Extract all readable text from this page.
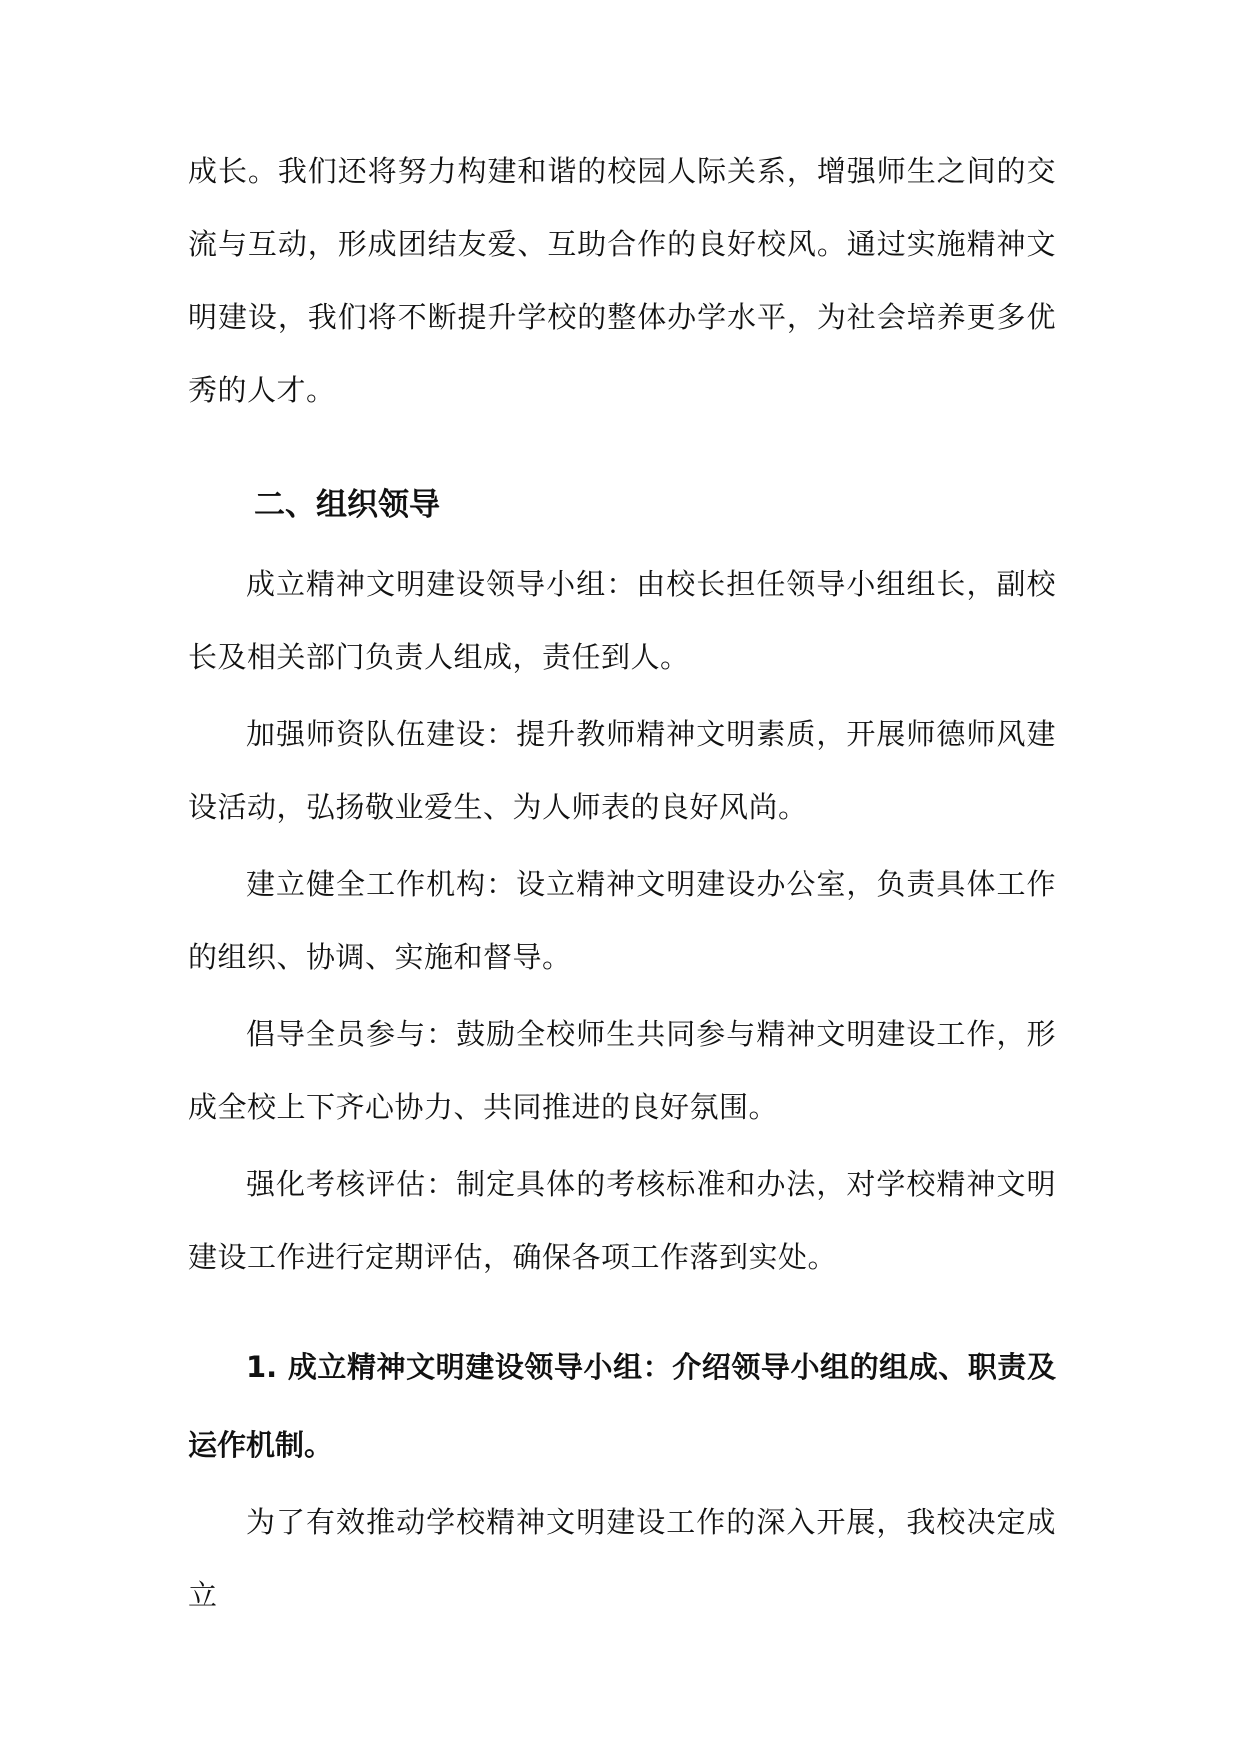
成长。我们还将努力构建和谐的校园人际关系，增强师生之间的交流与互动，形成团结友爱、互助合作的良好校风。通过实施精神文明建设，我们将不断提升学校的整体办学水平，为社会培养更多优秀的人才。

二、组织领导

成立精神文明建设领导小组：由校长担任领导小组组长，副校长及相关部门负责人组成，责任到人。

加强师资队伍建设：提升教师精神文明素质，开展师德师风建设活动，弘扬敬业爱生、为人师表的良好风尚。

建立健全工作机构：设立精神文明建设办公室，负责具体工作的组织、协调、实施和督导。

倡导全员参与：鼓励全校师生共同参与精神文明建设工作，形成全校上下齐心协力、共同推进的良好氛围。

强化考核评估：制定具体的考核标准和办法，对学校精神文明建设工作进行定期评估，确保各项工作落到实处。

1. 成立精神文明建设领导小组：介绍领导小组的组成、职责及运作机制。

为了有效推动学校精神文明建设工作的深入开展，我校决定成立
